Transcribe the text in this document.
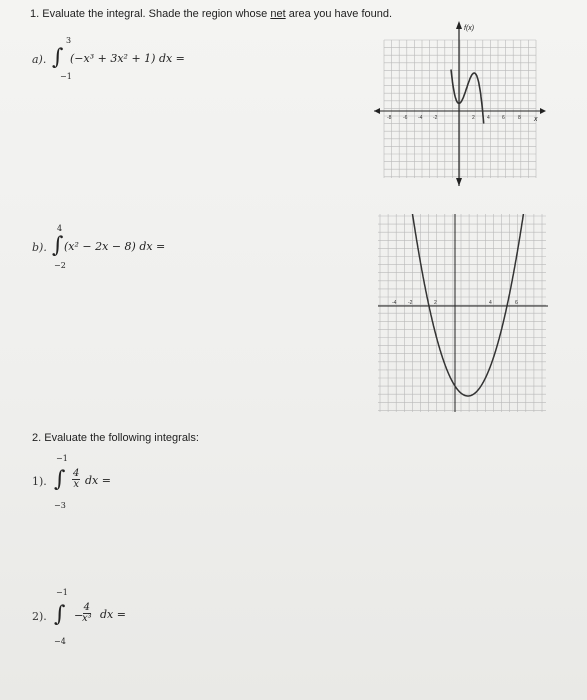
1. Evaluate the integral. Shade the region whose net area you have found.
a). ∫
3
−1
(−x³ + 3x² + 1) dx =
b). ∫
4
−2
(x² − 2x − 8) dx =
2. Evaluate the following integrals:
1). ∫
−1
−3
$\frac{4}{x}$ dx =
2). ∫
−1
−4
−
$\frac{4}{\text{x³}}$ dx =
f(x)
x
-8 -6 -4 -2	2 4 6	8
-4 -2	2	4	6
